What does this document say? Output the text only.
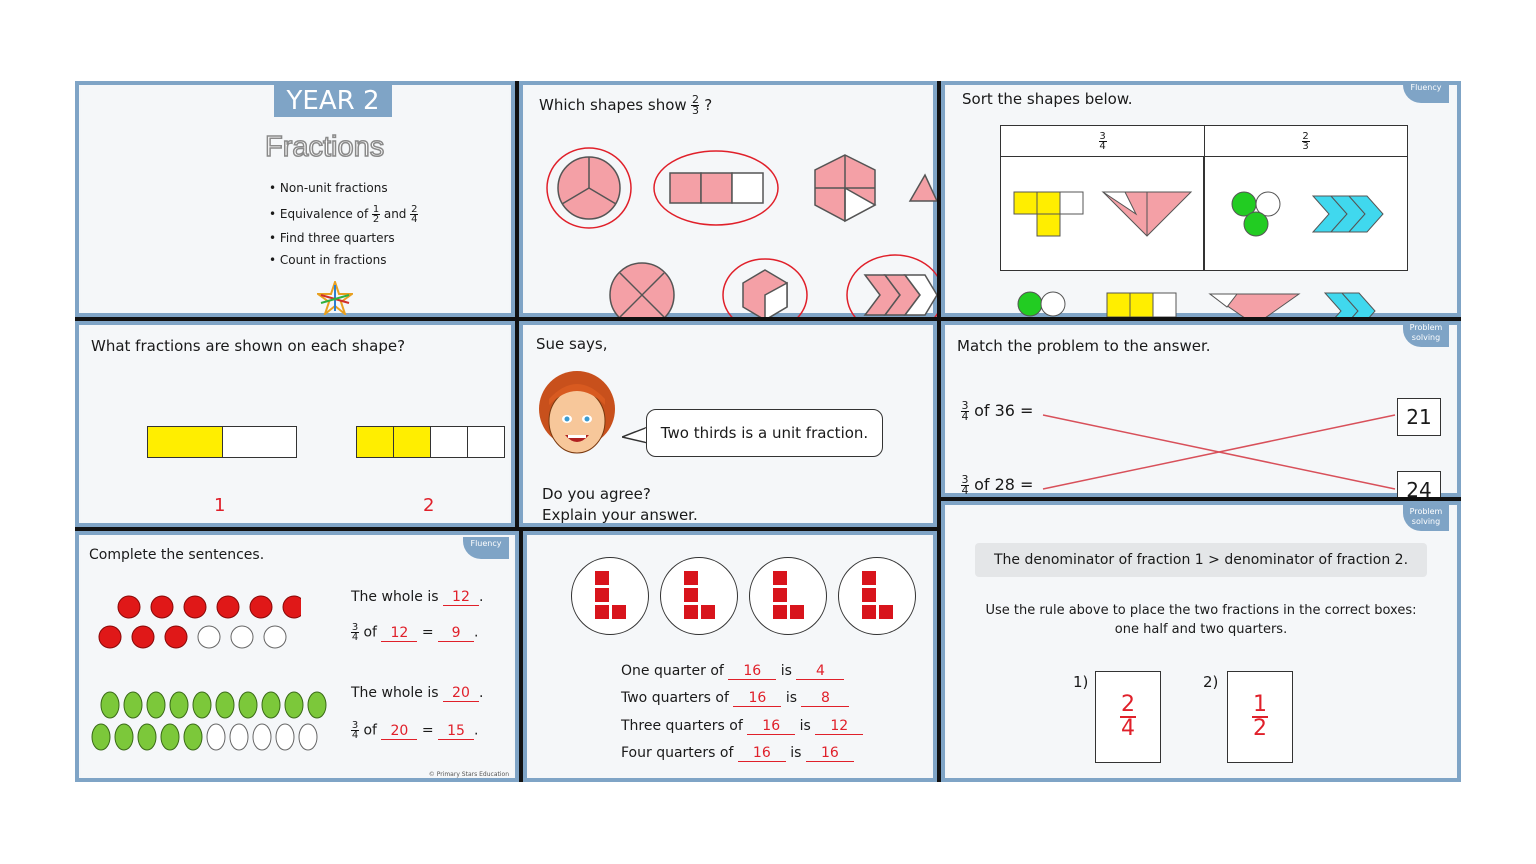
YEAR 2
Fractions
• Non-unit fractions
• Equivalence of $\frac{1}{2}$ and $\frac{2}{4}$
• Find three quarters
• Count in fractions
Which shapes show $\frac{2}{3}$ ?
Fluency
Sort the shapes below.
$\frac{3}{4}$	$\frac{2}{3}$
What fractions are shown on each shape?
1	2
Sue says,
Two thirds is a unit fraction.
Do you agree?
Explain your answer.
Problem solving
Match the problem to the answer.
$\frac{3}{4}$ of 36 =
$\frac{3}{4}$ of 28 =
21
24
Fluency
Complete the sentences.
The whole is 12 .
$\frac{3}{4}$ of 12 = 9 .
The whole is 20 .
$\frac{3}{4}$ of 20 = 15 .
© Primary Stars Education
One quarter of 16 is 4
Two quarters of 16 is 8
Three quarters of 16 is 12
Four quarters of 16 is 16
Problem solving
The denominator of fraction 1 > denominator of fraction 2.
Use the rule above to place the two fractions in the correct boxes:
one half and two quarters.
1)
2
4
2)
1
2
